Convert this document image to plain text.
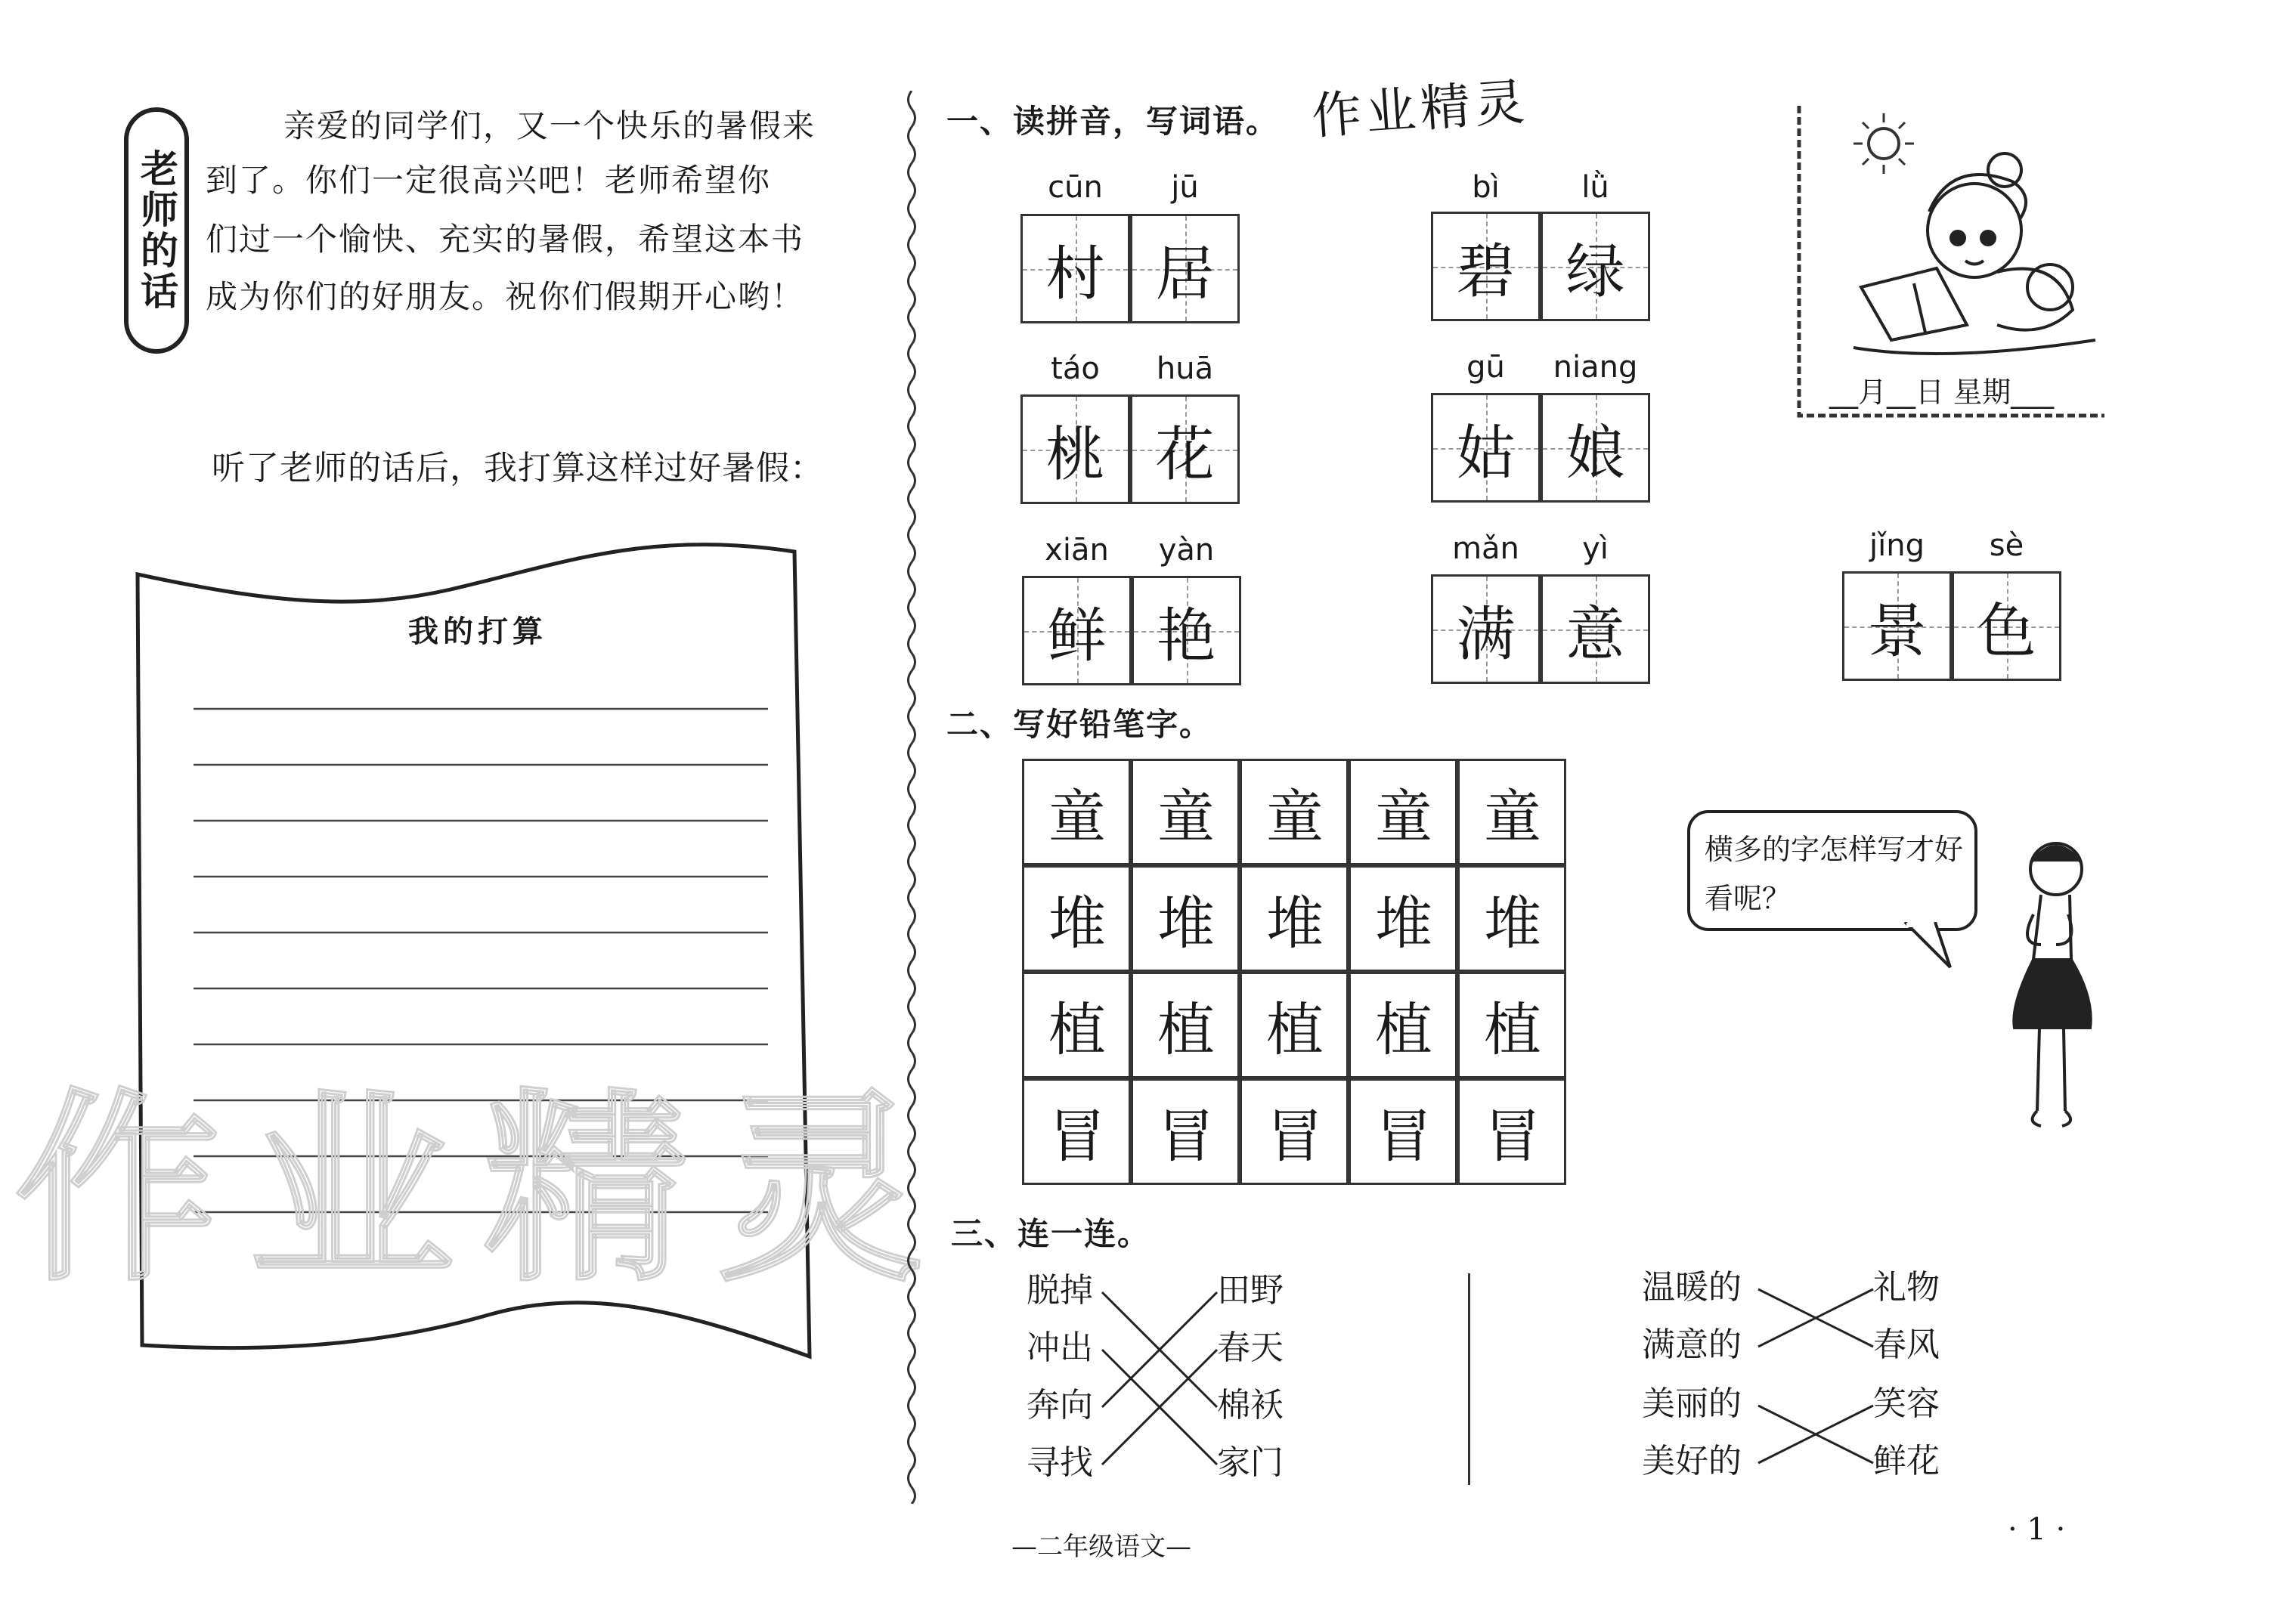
老师的话
亲爱的同学们，又一个快乐的暑假来
到了。你们一定很高兴吧！老师希望你
们过一个愉快、充实的暑假，希望这本书
成为你们的好朋友。祝你们假期开心哟！
听了老师的话后，我打算这样过好暑假：
我的打算
作业精灵
一、读拼音，写词语。 作业精灵
cūn	jū
村 居
bì	lǜ
碧 绿
táo	huā
桃 花
gū	niang
姑 娘
xiān	yàn
鲜 艳
mǎn	yì
满 意
jǐng	sè
景 色
__月__日 星期___
二、写好铅笔字。
童 童 童 童 童
堆 堆 堆 堆 堆
植 植 植 植 植
冒 冒 冒 冒 冒
横多的字怎样写才好看呢？
三、连一连。
脱掉
冲出
奔向
寻找
田野
春天
棉袄
家门
温暖的
满意的
美丽的
美好的
礼物
春风
笑容
鲜花
—二年级语文—	· 1 ·
